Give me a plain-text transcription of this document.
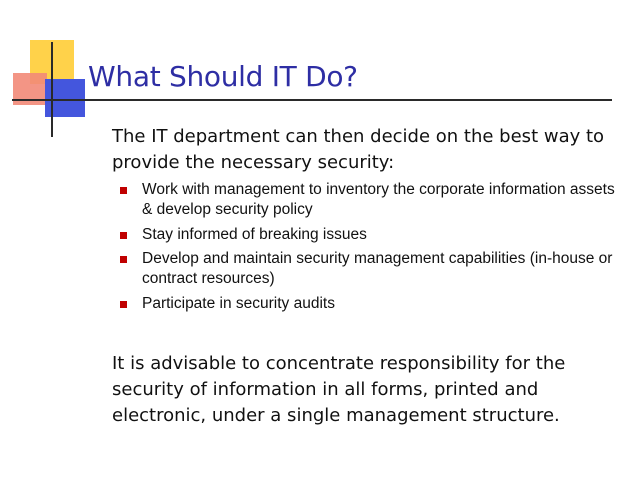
What Should IT Do?
The IT department can then decide on the best way to provide the necessary security:
Work with management to inventory the corporate information assets & develop security policy
Stay informed of breaking issues
Develop and maintain security management capabilities (in-house or contract resources)
Participate in security audits
It is advisable to concentrate responsibility for the security of information in all forms, printed and electronic, under a single management structure.
